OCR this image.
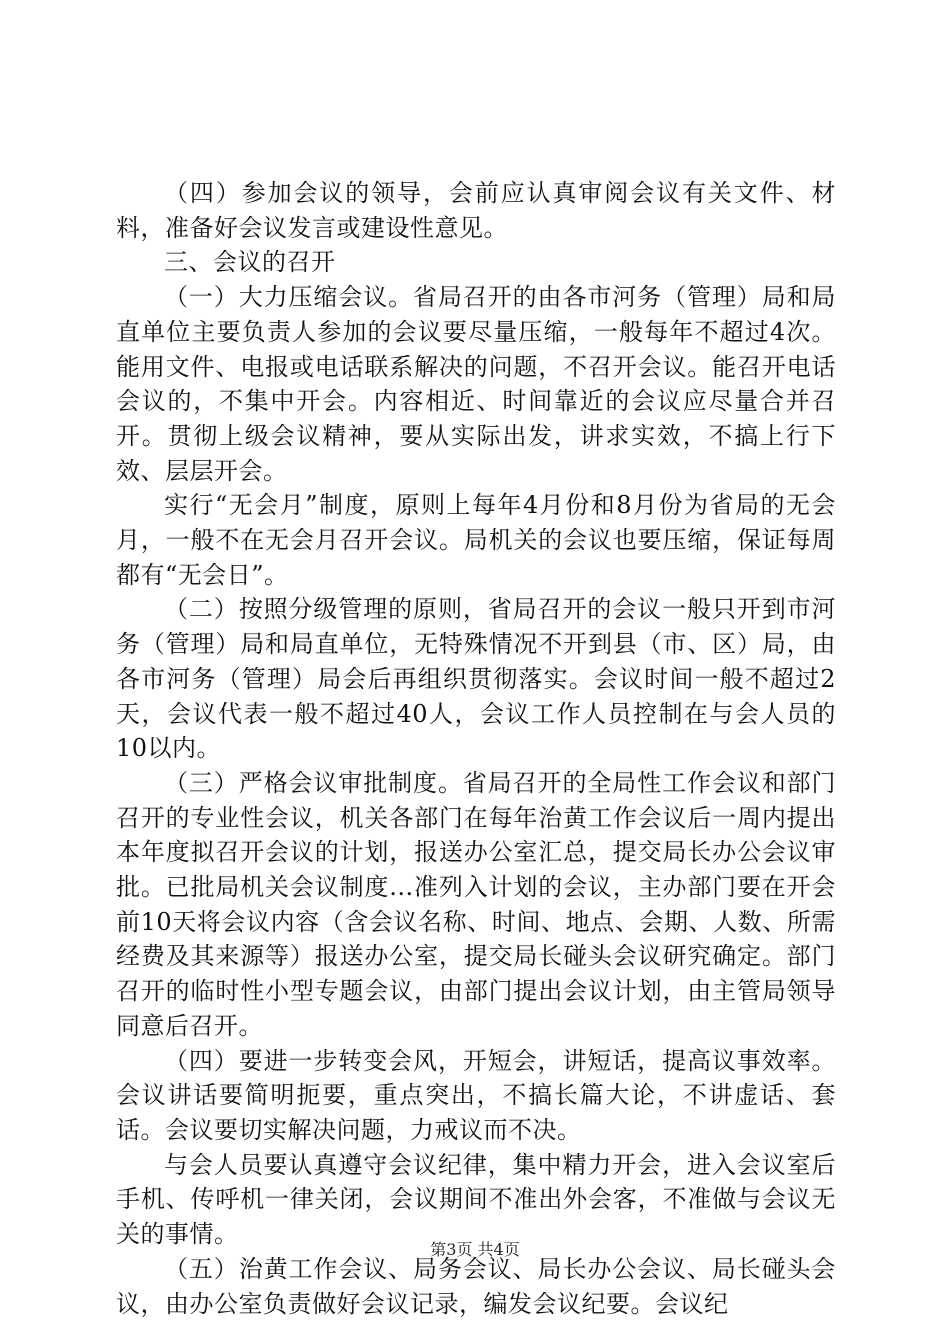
（四）参加会议的领导，会前应认真审阅会议有关文件、材料，准备好会议发言或建设性意见。

三、会议的召开

（一）大力压缩会议。省局召开的由各市河务（管理）局和局直单位主要负责人参加的会议要尽量压缩，一般每年不超过4次。能用文件、电报或电话联系解决的问题，不召开会议。能召开电话会议的，不集中开会。内容相近、时间靠近的会议应尽量合并召开。贯彻上级会议精神，要从实际出发，讲求实效，不搞上行下效、层层开会。

实行“无会月”制度，原则上每年4月份和8月份为省局的无会月，一般不在无会月召开会议。局机关的会议也要压缩，保证每周都有“无会日”。

（二）按照分级管理的原则，省局召开的会议一般只开到市河务（管理）局和局直单位，无特殊情况不开到县（市、区）局，由各市河务（管理）局会后再组织贯彻落实。会议时间一般不超过2天，会议代表一般不超过40人，会议工作人员控制在与会人员的10以内。

（三）严格会议审批制度。省局召开的全局性工作会议和部门召开的专业性会议，机关各部门在每年治黄工作会议后一周内提出本年度拟召开会议的计划，报送办公室汇总，提交局长办公会议审批。已批局机关会议制度...准列入计划的会议，主办部门要在开会前10天将会议内容（含会议名称、时间、地点、会期、人数、所需经费及其来源等）报送办公室，提交局长碰头会议研究确定。部门召开的临时性小型专题会议，由部门提出会议计划，由主管局领导同意后召开。

（四）要进一步转变会风，开短会，讲短话，提高议事效率。会议讲话要简明扼要，重点突出，不搞长篇大论，不讲虚话、套话。会议要切实解决问题，力戒议而不决。

与会人员要认真遵守会议纪律，集中精力开会，进入会议室后手机、传呼机一律关闭，会议期间不准出外会客，不准做与会议无关的事情。

（五）治黄工作会议、局务会议、局长办公会议、局长碰头会议，由办公室负责做好会议记录，编发会议纪要。会议纪

第3页 共4页
